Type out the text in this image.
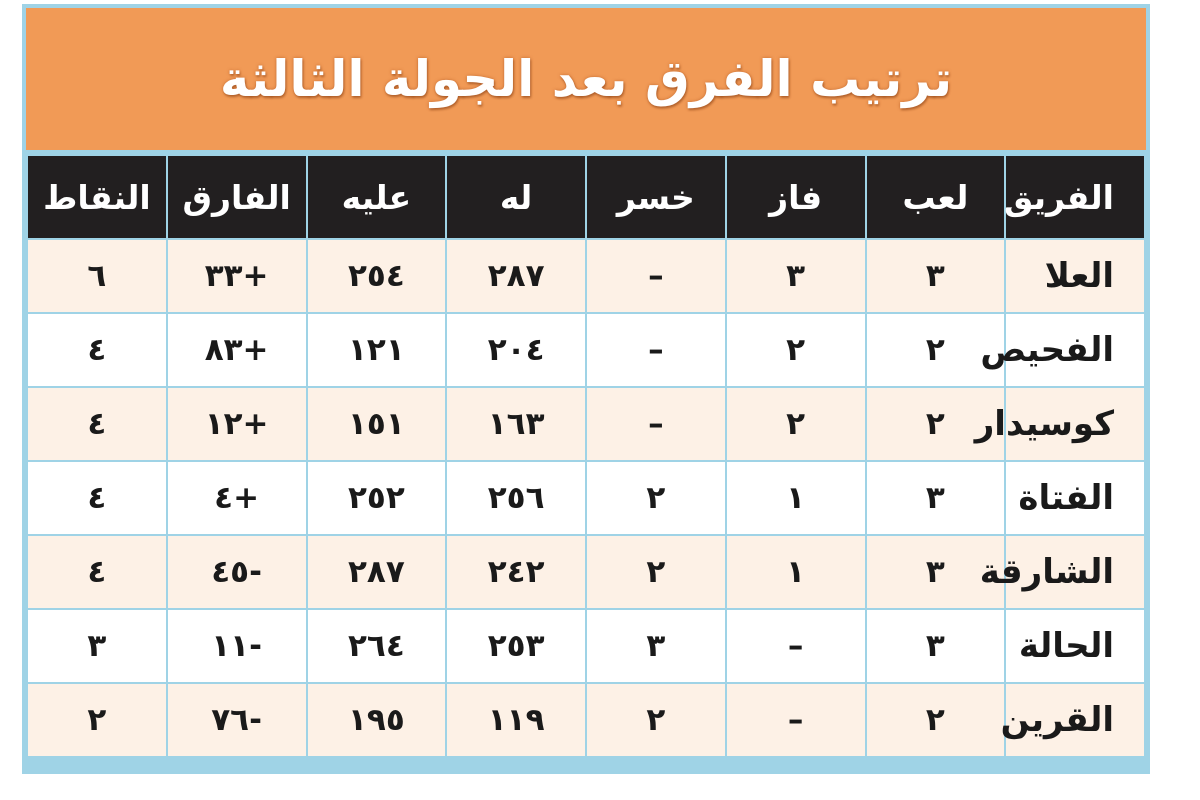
ترتيب الفرق بعد الجولة الثالثة
الفريق	لعب	فاز	خسر	له	عليه	الفارق	النقاط
العلا	٣	٣	–	٢٨٧	٢٥٤	+٣٣	٦
الفحيص	٢	٢	–	٢٠٤	١٢١	+٨٣	٤
كوسيدار	٢	٢	–	١٦٣	١٥١	+١٢	٤
الفتاة	٣	١	٢	٢٥٦	٢٥٢	+٤	٤
الشارقة	٣	١	٢	٢٤٢	٢٨٧	-٤٥	٤
الحالة	٣	–	٣	٢٥٣	٢٦٤	-١١	٣
القرين	٢	–	٢	١١٩	١٩٥	-٧٦	٢
